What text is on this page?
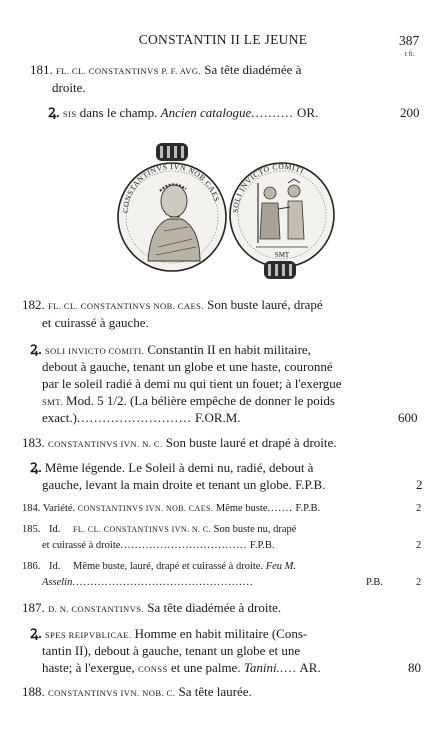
CONSTANTIN II LE JEUNE	387
t fr.
181. FL. CL. CONSTANTINVS P. F. AVG. Sa tête diadémée à
droite.
Ꝝ. SIS dans le champ. Ancien catalogue.......... OR.	200
CONSTANTINVS IVN NOB CAES
SOLI INVICTO COMITI
SMT
182. FL. CL. CONSTANTINVS NOB. CAES. Son buste lauré, drapé
et cuirassé à gauche.
Ꝝ. SOLI INVICTO COMITI. Constantin II en habit militaire,
debout à gauche, tenant un globe et une haste, couronné
par le soleil radié à demi nu qui tient un fouet; à l'exergue
SMT. Mod. 5 1/2. (La bélière empêche de donner le poids
exact.)........................... F.OR.M.	600
183. CONSTANTINVS IVN. N. C. Son buste lauré et drapé à droite.
Ꝝ. Même légende. Le Soleil à demi nu, radié, debout à
gauche, levant la main droite et tenant un globe. F.P.B.	2
184. Variété. CONSTANTINVS IVN. NOB. CAES. Même buste....... F.P.B.	2
185. Id. FL. CL. CONSTANTINVS IVN. N. C. Son buste nu, drapé
et cuirassé à droite................................... F.P.B.	2
186. Id. Même buste, lauré, drapé et cuirassé à droite. Feu M.
Asselin..................................................	P.B.	2
187. D. N. CONSTANTINVS. Sa tête diadémée à droite.
Ꝝ. SPES REIPVBLICAE. Homme en habit militaire (Cons-
tantin II), debout à gauche, tenant un globe et une
haste; à l'exergue, CONSS et une palme. Tanini..... AR.	80
188. CONSTANTINVS IVN. NOB. C. Sa tête laurée.
